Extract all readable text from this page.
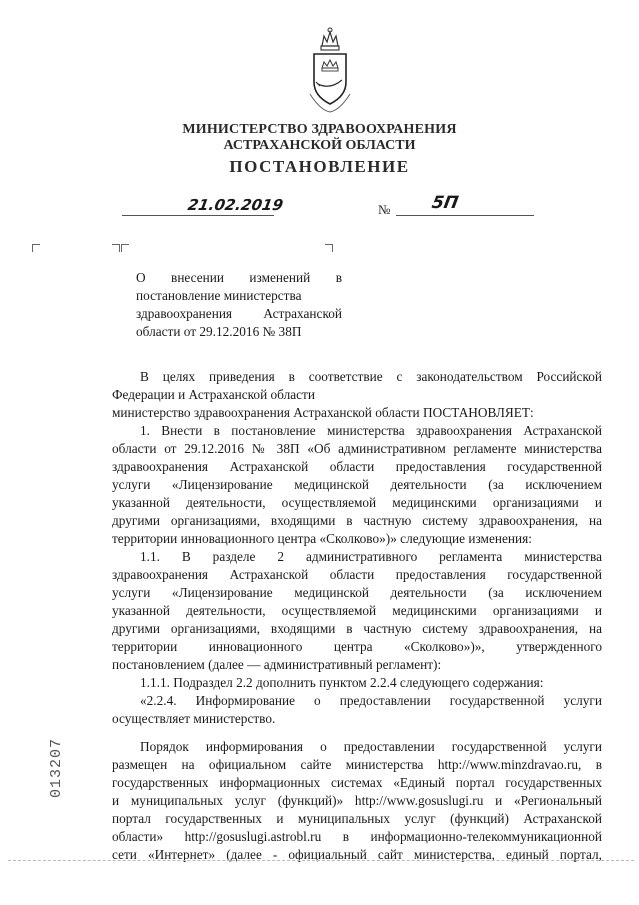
МИНИСТЕРСТВО ЗДРАВООХРАНЕНИЯ
АСТРАХАНСКОЙ ОБЛАСТИ
ПОСТАНОВЛЕНИЕ
21.02.2019	№ 5П
О внесении изменений в
постановление министерства
здравоохранения Астраханской
области от 29.12.2016 № 38П
В целях приведения в соответствие с законодательством Российской
Федерации и Астраханской области
министерство здравоохранения Астраханской области ПОСТАНОВЛЯЕТ:
1. Внести в постановление министерства здравоохранения Астраханской
области от 29.12.2016 № 38П «Об административном регламенте министерства
здравоохранения Астраханской области предоставления государственной
услуги «Лицензирование медицинской деятельности (за исключением
указанной деятельности, осуществляемой медицинскими организациями и
другими организациями, входящими в частную систему здравоохранения, на
территории инновационного центра «Сколково»)» следующие изменения:
1.1. В разделе 2 административного регламента министерства
здравоохранения Астраханской области предоставления государственной
услуги «Лицензирование медицинской деятельности (за исключением
указанной деятельности, осуществляемой медицинскими организациями и
другими организациями, входящими в частную систему здравоохранения, на
территории инновационного центра «Сколково»)», утвержденного
постановлением (далее — административный регламент):
1.1.1. Подраздел 2.2 дополнить пунктом 2.2.4 следующего содержания:
«2.2.4. Информирование о предоставлении государственной услуги
осуществляет министерство.
Порядок информирования о предоставлении государственной услуги
размещен на официальном сайте министерства http://www.minzdravao.ru, в
государственных информационных системах «Единый портал государственных
и муниципальных услуг (функций)» http://www.gosuslugi.ru и «Региональный
портал государственных и муниципальных услуг (функций) Астраханской
области» http://gosuslugi.astrobl.ru в информационно-телекоммуникационной
сети «Интернет» (далее - официальный сайт министерства, единый портал,
013207
